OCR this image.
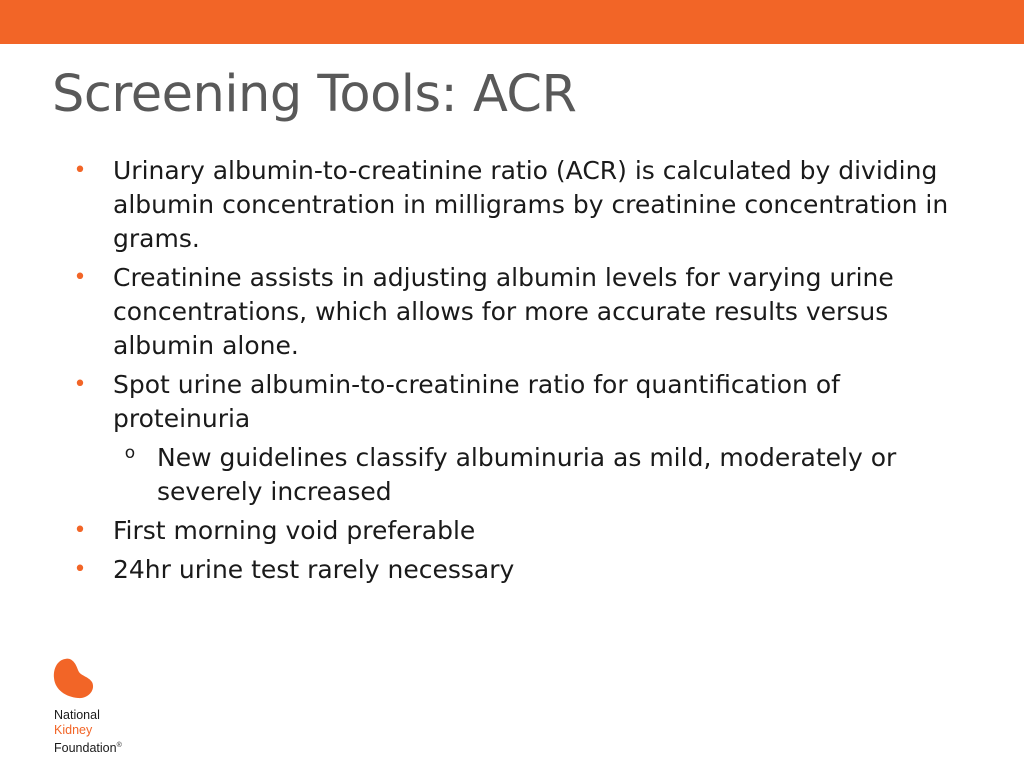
Screening Tools: ACR
• Urinary albumin-to-creatinine ratio (ACR) is calculated by dividing albumin concentration in milligrams by creatinine concentration in grams.
• Creatinine assists in adjusting albumin levels for varying urine concentrations, which allows for more accurate results versus albumin alone.
• Spot urine albumin-to-creatinine ratio for quantification of proteinuria
o New guidelines classify albuminuria as mild, moderately or severely increased
• First morning void preferable
• 24hr urine test rarely necessary
National
Kidney
Foundation®
